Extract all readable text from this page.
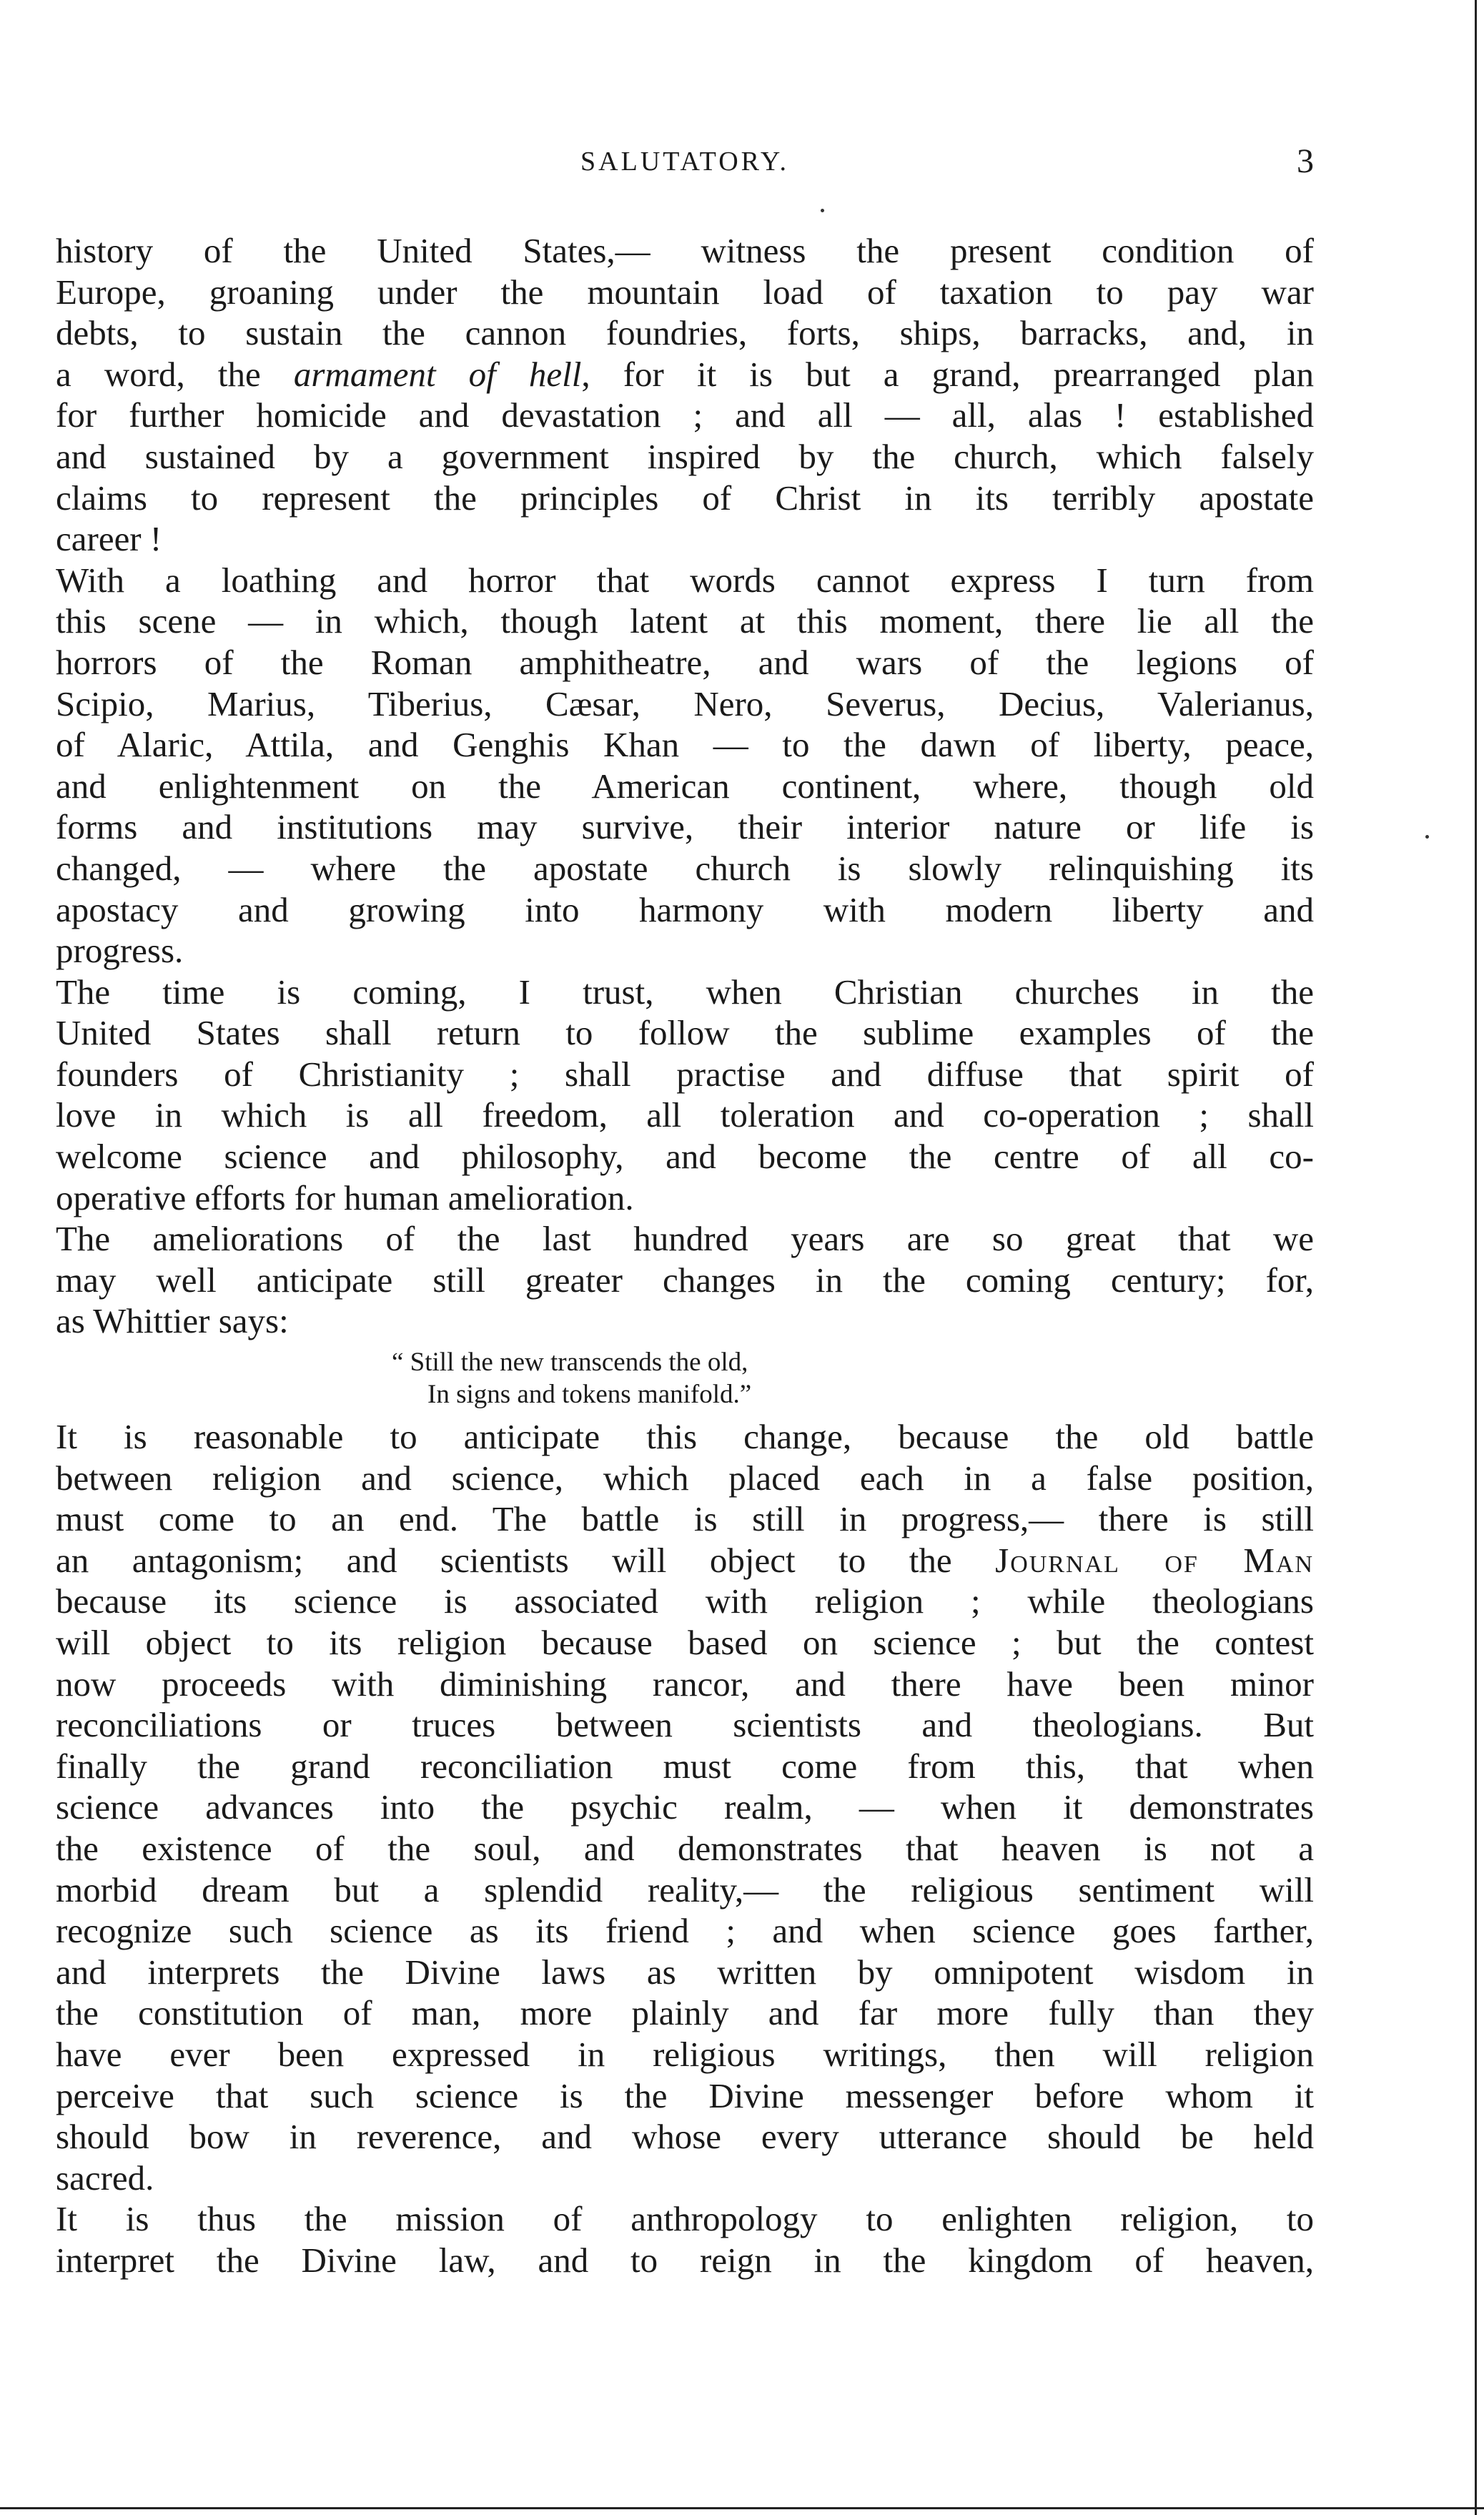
SALUTATORY.	3
history of the United States,— witness the present condition of
Europe, groaning under the mountain load of taxation to pay war
debts, to sustain the cannon foundries, forts, ships, barracks, and, in
a word, the armament of hell, for it is but a grand, prearranged plan
for further homicide and devastation ; and all — all, alas ! established
and sustained by a government inspired by the church, which falsely
claims to represent the principles of Christ in its terribly apostate
career !
With a loathing and horror that words cannot express I turn from
this scene — in which, though latent at this moment, there lie all the
horrors of the Roman amphitheatre, and wars of the legions of
Scipio, Marius, Tiberius, Cæsar, Nero, Severus, Decius, Valerianus,
of Alaric, Attila, and Genghis Khan — to the dawn of liberty, peace,
and enlightenment on the American continent, where, though old
forms and institutions may survive, their interior nature or life is
changed, — where the apostate church is slowly relinquishing its
apostacy and growing into harmony with modern liberty and
progress.
The time is coming, I trust, when Christian churches in the
United States shall return to follow the sublime examples of the
founders of Christianity ; shall practise and diffuse that spirit of
love in which is all freedom, all toleration and co-operation ; shall
welcome science and philosophy, and become the centre of all co-
operative efforts for human amelioration.
The ameliorations of the last hundred years are so great that we
may well anticipate still greater changes in the coming century; for,
as Whittier says:
“ Still the new transcends the old,
In signs and tokens manifold.”
It is reasonable to anticipate this change, because the old battle
between religion and science, which placed each in a false position,
must come to an end. The battle is still in progress,— there is still
an antagonism; and scientists will object to the Journal of Man
because its science is associated with religion ; while theologians
will object to its religion because based on science ; but the contest
now proceeds with diminishing rancor, and there have been minor
reconciliations or truces between scientists and theologians. But
finally the grand reconciliation must come from this, that when
science advances into the psychic realm, — when it demonstrates
the existence of the soul, and demonstrates that heaven is not a
morbid dream but a splendid reality,— the religious sentiment will
recognize such science as its friend ; and when science goes farther,
and interprets the Divine laws as written by omnipotent wisdom in
the constitution of man, more plainly and far more fully than they
have ever been expressed in religious writings, then will religion
perceive that such science is the Divine messenger before whom it
should bow in reverence, and whose every utterance should be held
sacred.
It is thus the mission of anthropology to enlighten religion, to
interpret the Divine law, and to reign in the kingdom of heaven,
